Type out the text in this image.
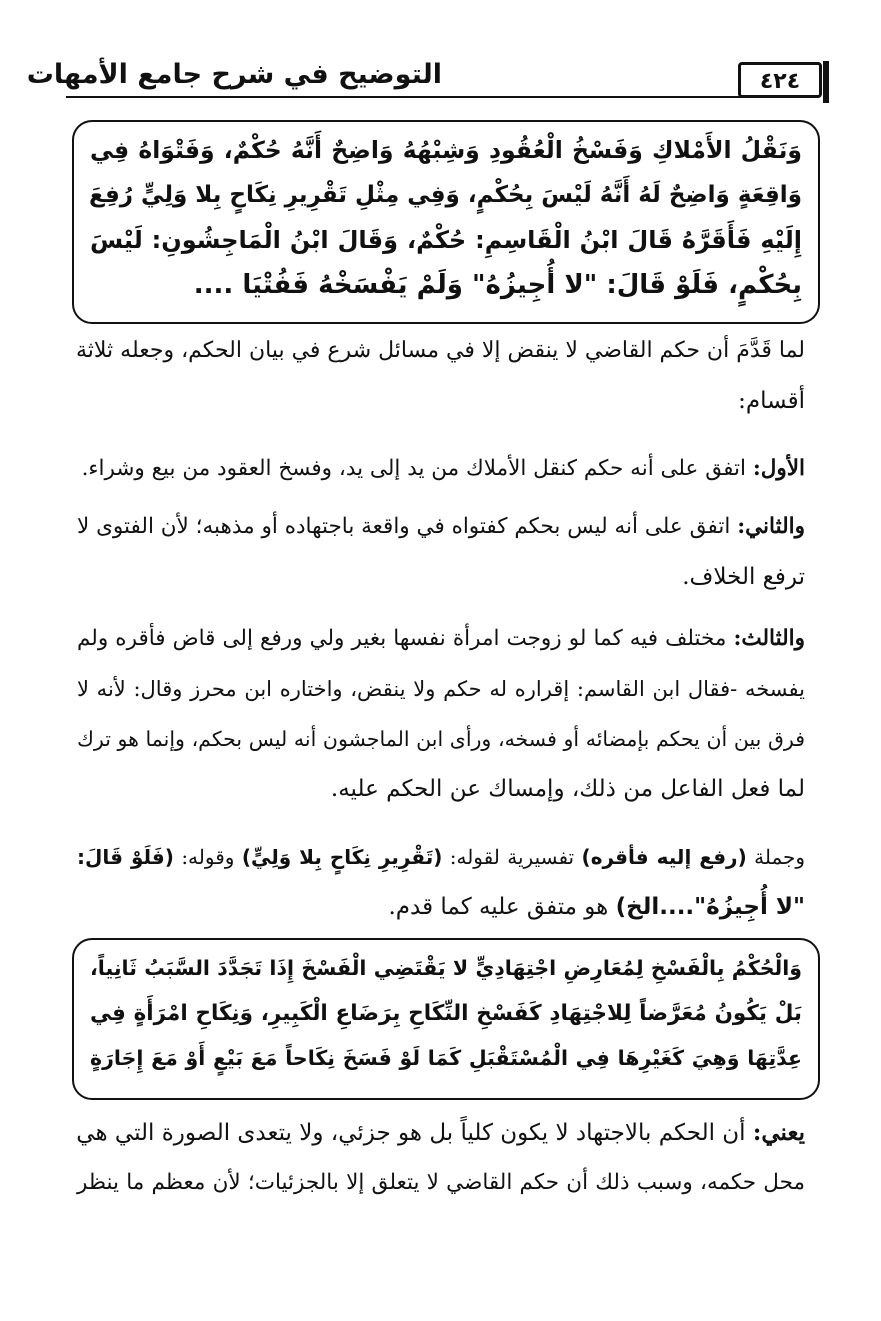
التوضيح في شرح جامع الأمهات	٤٢٤
وَنَقْلُ الأَمْلاكِ وَفَسْخُ الْعُقُودِ وَشِبْهُهُ وَاضِحٌ أَنَّهُ حُكْمٌ، وَفَتْوَاهُ فِي
وَاقِعَةٍ وَاضِحٌ لَهُ أَنَّهُ لَيْسَ بِحُكْمٍ، وَفِي مِثْلِ تَقْرِيرِ نِكَاحٍ بِلا وَلِيٍّ رُفِعَ
إِلَيْهِ فَأَقَرَّهُ قَالَ ابْنُ الْقَاسِمِ: حُكْمٌ، وَقَالَ ابْنُ الْمَاجِشُونِ: لَيْسَ
بِحُكْمٍ، فَلَوْ قَالَ: "لا أُجِيزُهُ" وَلَمْ يَفْسَخْهُ فَفُتْيَا ....
لما قَدَّمَ أن حكم القاضي لا ينقض إلا في مسائل شرع في بيان الحكم، وجعله ثلاثة
أقسام:
الأول: اتفق على أنه حكم كنقل الأملاك من يد إلى يد، وفسخ العقود من بيع وشراء.
والثاني: اتفق على أنه ليس بحكم كفتواه في واقعة باجتهاده أو مذهبه؛ لأن الفتوى لا
ترفع الخلاف.
والثالث: مختلف فيه كما لو زوجت امرأة نفسها بغير ولي ورفع إلى قاض فأقره ولم
يفسخه -فقال ابن القاسم: إقراره له حكم ولا ينقض، واختاره ابن محرز وقال: لأنه لا
فرق بين أن يحكم بإمضائه أو فسخه، ورأى ابن الماجشون أنه ليس بحكم، وإنما هو ترك
لما فعل الفاعل من ذلك، وإمساك عن الحكم عليه.
وجملة (رفع إليه فأقره) تفسيرية لقوله: (تَقْرِيرِ نِكَاحٍ بِلا وَلِيٍّ) وقوله: (فَلَوْ قَالَ:
"لا أُجِيزُهُ"....الخ) هو متفق عليه كما قدم.
وَالْحُكْمُ بِالْفَسْخِ لِمُعَارِضِ اجْتِهَادِيٍّ لا يَقْتَضِي الْفَسْخَ إِذَا تَجَدَّدَ السَّبَبُ ثَانِياً،
بَلْ يَكُونُ مُعَرَّضاً لِلاجْتِهَادِ كَفَسْخِ النِّكَاحِ بِرَضَاعِ الْكَبِيرِ، وَنِكَاحِ امْرَأَةٍ فِي
عِدَّتِهَا وَهِيَ كَغَيْرِهَا فِي الْمُسْتَقْبَلِ كَمَا لَوْ فَسَخَ نِكَاحاً مَعَ بَيْعٍ أَوْ مَعَ إِجَارَةٍ
يعني: أن الحكم بالاجتهاد لا يكون كلياً بل هو جزئي، ولا يتعدى الصورة التي هي
محل حكمه، وسبب ذلك أن حكم القاضي لا يتعلق إلا بالجزئيات؛ لأن معظم ما ينظر
